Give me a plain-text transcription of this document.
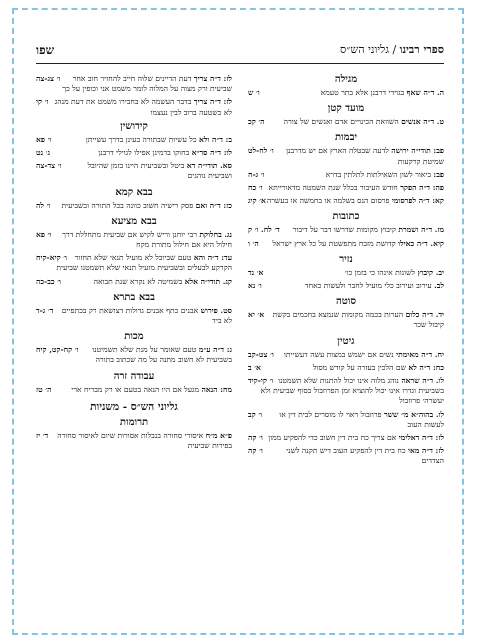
שפו	ספרי רבינו / גליוני הש״ס
מגילה
ו׳ ש	ה. ד״ה שאף בגוידי דרבנן אלא בתר טעמא
מועד קטן
ה׳ קכ	ט. ד״ה אנשים השוואת הכינויים אדם ואנשים של צורה
יבמות
ו׳ לח-לט	פב: תודי״ה ירושה לדעה שבטלה הארץ אם יש מדרבנן שמיטת קרקעות
ו׳ ג-ח	פב: ביאור לשון השאילתות לתלתין בדרא
ו׳ כח	פה: ד״ה הפקר חודש העיבור בכלל שנת השמטה מדאורייתא
א׳ קיג	קא: ד״ה לפרסומי פרסום הנס בשלמה או בחמשה או בעשרה
כתובות
ד׳ לח. ו׳ ק	מז. ד״ה ושמרת קיבוץ מקומות שדרשו דבר על דיבור
ה׳ ו	קיא. ד״ה כאילו קדושת מזבח מתפשטת על כל ארץ ישראל
נזיר
א׳ נד	יב. קיבוץ לשונות אינהו כי בזמן כו׳
ו׳ נא	לב. עירוב ועירוב כלי מועיל לחבר ולעשות כאחד
סוטה
א׳ יא	יד. ד״ה כלום הערות בכמה מקומות שנמצא בחכמים בקשת קיבול שכר
גיטין
ו׳ צט-קב	יח. ד״ה מאימתי נשים אם ישמש במצות עשה דעשייתו
א׳ ב	כח: ד״ה לא שם הלכין בעזרה על קודש מסול
ו׳ קי-קיד	לו. ד״ה שראה נוהג מלוה אינו יכול להתנות שלא תשמטנו בשביעית וגדרו אינו יכול להוציא זמן הפרוזבול בסוף שביעית ולא יעשרה׳ פרוזבול
ו׳ קב	לו. בהוה״א מ״ ששר פרוזבול ראוי לו מוסרים לבית דין או לעשות העוב
ו׳ קה	לז: ד״ה דאלימי אם צריך כח בית דין חשוב כדי להפקיע ממון
ו׳ קה	לז: ד״ה מאי כח בית דין להפקיע העוב דיש תקנה לשני הצדדים
ו׳ צג-צה	לז: ד״ה צריך דעת הדיינים שלוה חייב להחזיר חוב אחר שביעית ורק מצוה על המלוה לומר משמט אני וכופין על כך
ו׳ קי	לז: ד״ה צריך בדבר העשמה לא בחבירו משמט את דעת מנהג לא כשטעה ברוב לבין נעצמו
קידושין
ו׳ פא	ב: ד״ה ולא כל עשיות שבתורה בעינן בדרך עשייתן
ג׳ נט	לו: ד״ה סר״א בחוקו בדמינן אפילו לגוילי דרבנן
ו׳ צד-צה	סא. תודי״ה דא ביטל ובשביעית היינו בזמן שהיובל ושביעית נוהגים
בבא קמא
ו׳ לה	כז: ד״ה ואם פסק רישיה חשוב כוונה בכל התורה ובשביעית
בבא מציעא
ו׳ פא	נג. בחלוקת רבי יוחנן וריש לקיש אם שביעית מתחללת דרך חילול היא אם חילול מתורת מקח
ו׳ קיא-קיח	עד: ד״ה והא טעם שביובל לא מועיל תנאי שלא תחזור הקרקע לבעלים ובשביעית מועיל תנאי שלא תשמטנו שביעית
ו׳ כב-כה	קג. תודי״ה אלא בשמיטה לא נקרא שנת תבואה
בבא בתרא
ד׳ ג-ד	סט. פירוש אבנים כתף אבנים גדולות דצושאת רק בכתפיים לא ביד
מכות
ו׳ קח-קט, קיח	ג: ד״ה ע״מ טעם שאומר על מנת שלא תשמיטנו בשביעית לא חשוב מתנה על מה שכתוב בתורה
עבודה זרה
ה׳ טז	מח: הנאה מגעל אם היו הנאה בטעם או רק מבריח ארי
גליוני הש״ס - משניות
תרומות
ד׳ יז	פ״א מ״ח איסורי סחורה בנבלות אסורות שיום לאיסור סחורה בפירות שביעית
